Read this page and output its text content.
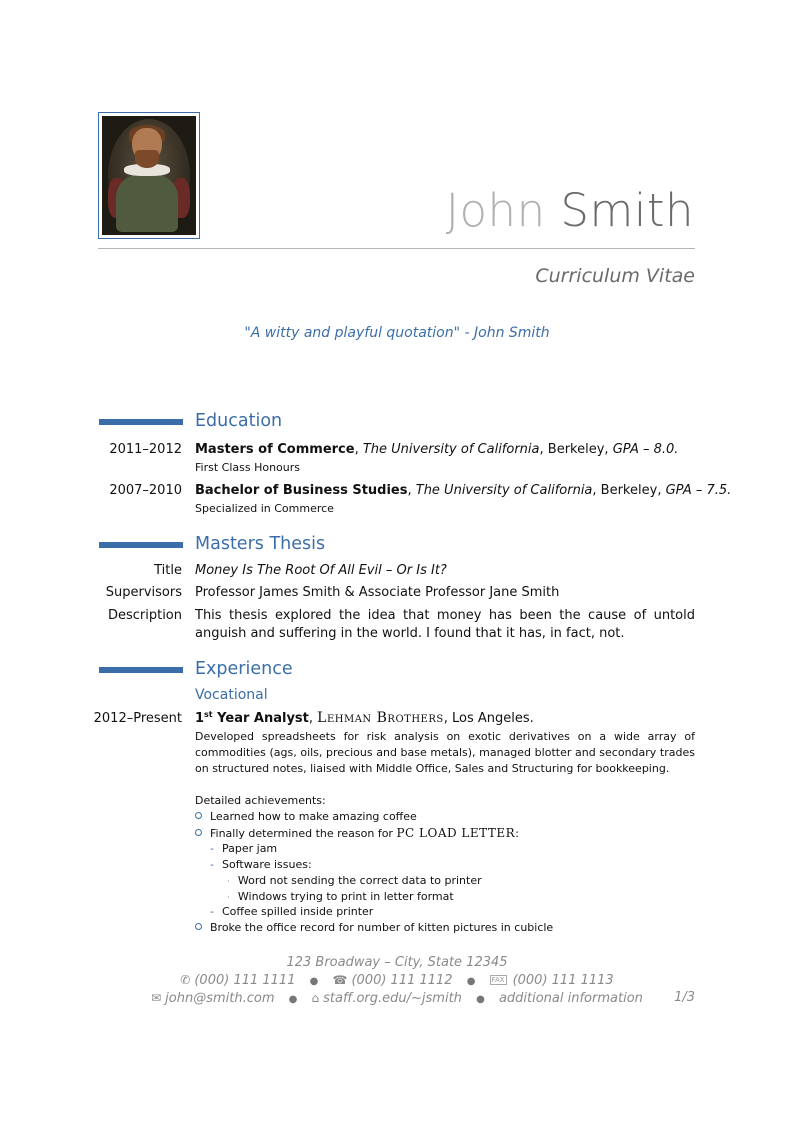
John Smith
Curriculum Vitae
"A witty and playful quotation" - John Smith
Education
2011–2012 Masters of Commerce, The University of California, Berkeley, GPA – 8.0.
First Class Honours
2007–2010 Bachelor of Business Studies, The University of California, Berkeley, GPA – 7.5.
Specialized in Commerce
Masters Thesis
Title Money Is The Root Of All Evil – Or Is It?
Supervisors Professor James Smith & Associate Professor Jane Smith
Description This thesis explored the idea that money has been the cause of untold anguish and suffering in the world. I found that it has, in fact, not.
Experience
Vocational
2012–Present 1st Year Analyst, Lehman Brothers, Los Angeles.
Developed spreadsheets for risk analysis on exotic derivatives on a wide array of commodities (ags, oils, precious and base metals), managed blotter and secondary trades on structured notes, liaised with Middle Office, Sales and Structuring for bookkeeping.
Detailed achievements:
Learned how to make amazing coffee
Finally determined the reason for PC LOAD LETTER:
- Paper jam
- Software issues:
· Word not sending the correct data to printer
· Windows trying to print in letter format
- Coffee spilled inside printer
Broke the office record for number of kitten pictures in cubicle
123 Broadway – City, State 12345
✆ (000) 111 1111 ● ☎ (000) 111 1112 ● FAX (000) 111 1113
✉ john@smith.com ● ⌂ staff.org.edu/~jsmith ● additional information	1/3
